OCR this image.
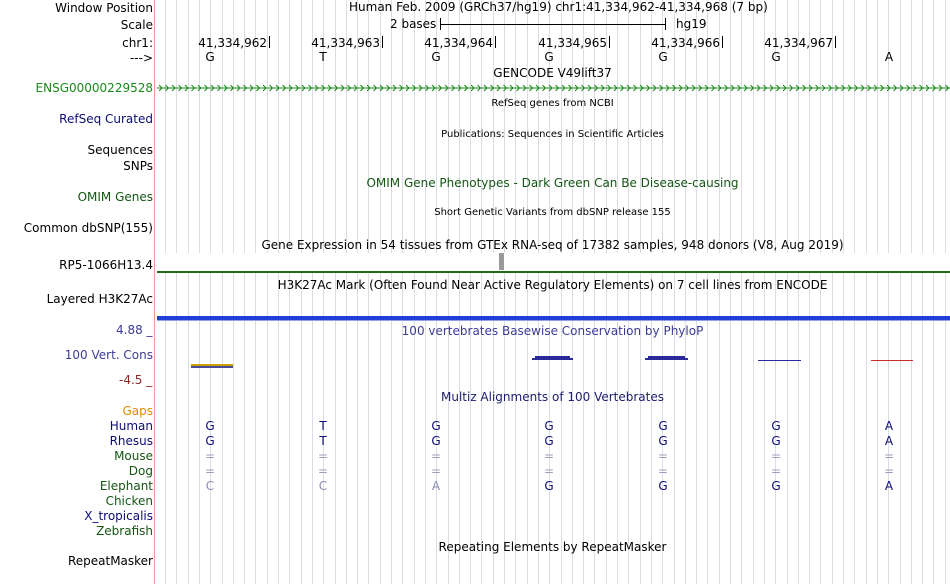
Window Position	Human Feb. 2009 (GRCh37/hg19) chr1:41,334,962-41,334,968 (7 bp)
Scale	2 bases	hg19
chr1:	41,334,962	41,334,963	41,334,964	41,334,965	41,334,966	41,334,967
--->	G	T	G	G	G	G	A
GENCODE V49lift37
ENSG00000229528
RefSeq genes from NCBI
RefSeq Curated
Publications: Sequences in Scientific Articles
Sequences
SNPs
OMIM Gene Phenotypes - Dark Green Can Be Disease-causing
OMIM Genes
Short Genetic Variants from dbSNP release 155
Common dbSNP(155)
Gene Expression in 54 tissues from GTEx RNA-seq of 17382 samples, 948 donors (V8, Aug 2019)
RP5-1066H13.4
H3K27Ac Mark (Often Found Near Active Regulatory Elements) on 7 cell lines from ENCODE
Layered H3K27Ac
4.88 _	100 vertebrates Basewise Conservation by PhyloP
100 Vert. Cons
-4.5 _
Multiz Alignments of 100 Vertebrates
Gaps
Human	G	T	G	G	G	G	A
Rhesus	G	T	G	G	G	G	A
Mouse	=	=	=	=	=	=	=
Dog	=	=	=	=	=	=	=
Elephant	C	C	A	G	G	G	A
Chicken
X_tropicalis
Zebrafish
Repeating Elements by RepeatMasker
RepeatMasker
